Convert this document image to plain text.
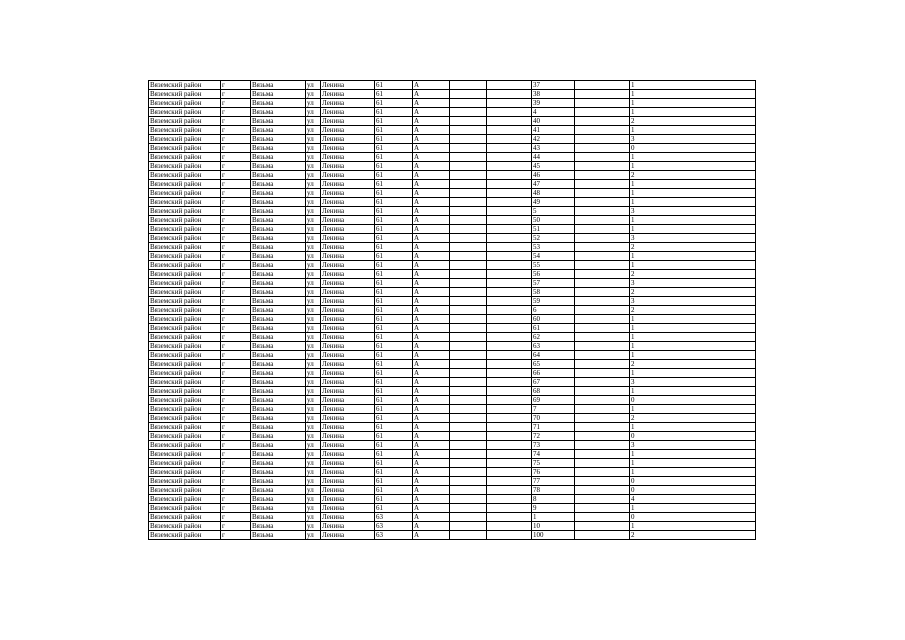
Вяземский район	г	Вязьма	ул	Ленина	61	А			37		1
Вяземский район	г	Вязьма	ул	Ленина	61	А			38		1
Вяземский район	г	Вязьма	ул	Ленина	61	А			39		1
Вяземский район	г	Вязьма	ул	Ленина	61	А			4		1
Вяземский район	г	Вязьма	ул	Ленина	61	А			40		2
Вяземский район	г	Вязьма	ул	Ленина	61	А			41		1
Вяземский район	г	Вязьма	ул	Ленина	61	А			42		3
Вяземский район	г	Вязьма	ул	Ленина	61	А			43		0
Вяземский район	г	Вязьма	ул	Ленина	61	А			44		1
Вяземский район	г	Вязьма	ул	Ленина	61	А			45		1
Вяземский район	г	Вязьма	ул	Ленина	61	А			46		2
Вяземский район	г	Вязьма	ул	Ленина	61	А			47		1
Вяземский район	г	Вязьма	ул	Ленина	61	А			48		1
Вяземский район	г	Вязьма	ул	Ленина	61	А			49		1
Вяземский район	г	Вязьма	ул	Ленина	61	А			5		3
Вяземский район	г	Вязьма	ул	Ленина	61	А			50		1
Вяземский район	г	Вязьма	ул	Ленина	61	А			51		1
Вяземский район	г	Вязьма	ул	Ленина	61	А			52		3
Вяземский район	г	Вязьма	ул	Ленина	61	А			53		2
Вяземский район	г	Вязьма	ул	Ленина	61	А			54		1
Вяземский район	г	Вязьма	ул	Ленина	61	А			55		1
Вяземский район	г	Вязьма	ул	Ленина	61	А			56		2
Вяземский район	г	Вязьма	ул	Ленина	61	А			57		3
Вяземский район	г	Вязьма	ул	Ленина	61	А			58		2
Вяземский район	г	Вязьма	ул	Ленина	61	А			59		3
Вяземский район	г	Вязьма	ул	Ленина	61	А			6		2
Вяземский район	г	Вязьма	ул	Ленина	61	А			60		1
Вяземский район	г	Вязьма	ул	Ленина	61	А			61		1
Вяземский район	г	Вязьма	ул	Ленина	61	А			62		1
Вяземский район	г	Вязьма	ул	Ленина	61	А			63		1
Вяземский район	г	Вязьма	ул	Ленина	61	А			64		1
Вяземский район	г	Вязьма	ул	Ленина	61	А			65		2
Вяземский район	г	Вязьма	ул	Ленина	61	А			66		1
Вяземский район	г	Вязьма	ул	Ленина	61	А			67		3
Вяземский район	г	Вязьма	ул	Ленина	61	А			68		1
Вяземский район	г	Вязьма	ул	Ленина	61	А			69		0
Вяземский район	г	Вязьма	ул	Ленина	61	А			7		1
Вяземский район	г	Вязьма	ул	Ленина	61	А			70		2
Вяземский район	г	Вязьма	ул	Ленина	61	А			71		1
Вяземский район	г	Вязьма	ул	Ленина	61	А			72		0
Вяземский район	г	Вязьма	ул	Ленина	61	А			73		3
Вяземский район	г	Вязьма	ул	Ленина	61	А			74		1
Вяземский район	г	Вязьма	ул	Ленина	61	А			75		1
Вяземский район	г	Вязьма	ул	Ленина	61	А			76		1
Вяземский район	г	Вязьма	ул	Ленина	61	А			77		0
Вяземский район	г	Вязьма	ул	Ленина	61	А			78		0
Вяземский район	г	Вязьма	ул	Ленина	61	А			8		4
Вяземский район	г	Вязьма	ул	Ленина	61	А			9		1
Вяземский район	г	Вязьма	ул	Ленина	63	А			1		0
Вяземский район	г	Вязьма	ул	Ленина	63	А			10		1
Вяземский район	г	Вязьма	ул	Ленина	63	А			100		2
